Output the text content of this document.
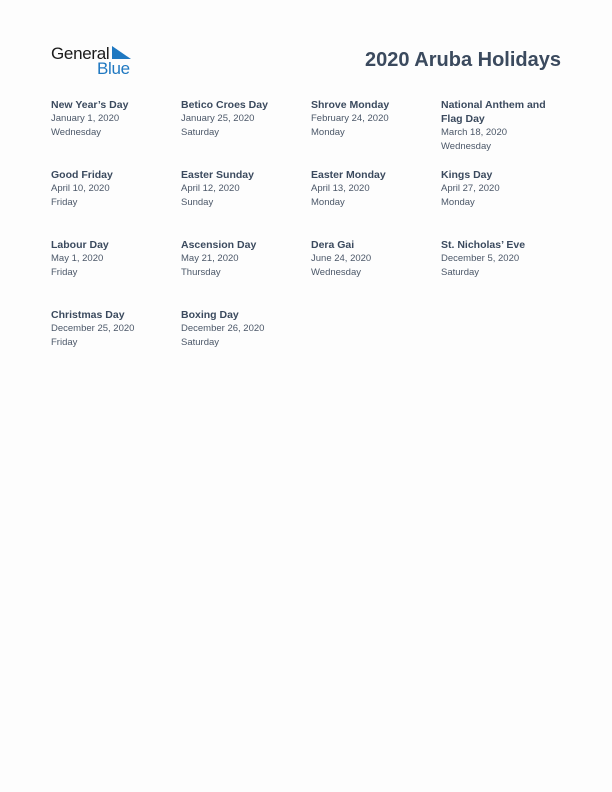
General
Blue	2020 Aruba Holidays
New Year’s Day
January 1, 2020
Wednesday
Betico Croes Day
January 25, 2020
Saturday
Shrove Monday
February 24, 2020
Monday
National Anthem and Flag Day
March 18, 2020
Wednesday
Good Friday
April 10, 2020
Friday
Easter Sunday
April 12, 2020
Sunday
Easter Monday
April 13, 2020
Monday
Kings Day
April 27, 2020
Monday
Labour Day
May 1, 2020
Friday
Ascension Day
May 21, 2020
Thursday
Dera Gai
June 24, 2020
Wednesday
St. Nicholas’ Eve
December 5, 2020
Saturday
Christmas Day
December 25, 2020
Friday
Boxing Day
December 26, 2020
Saturday
